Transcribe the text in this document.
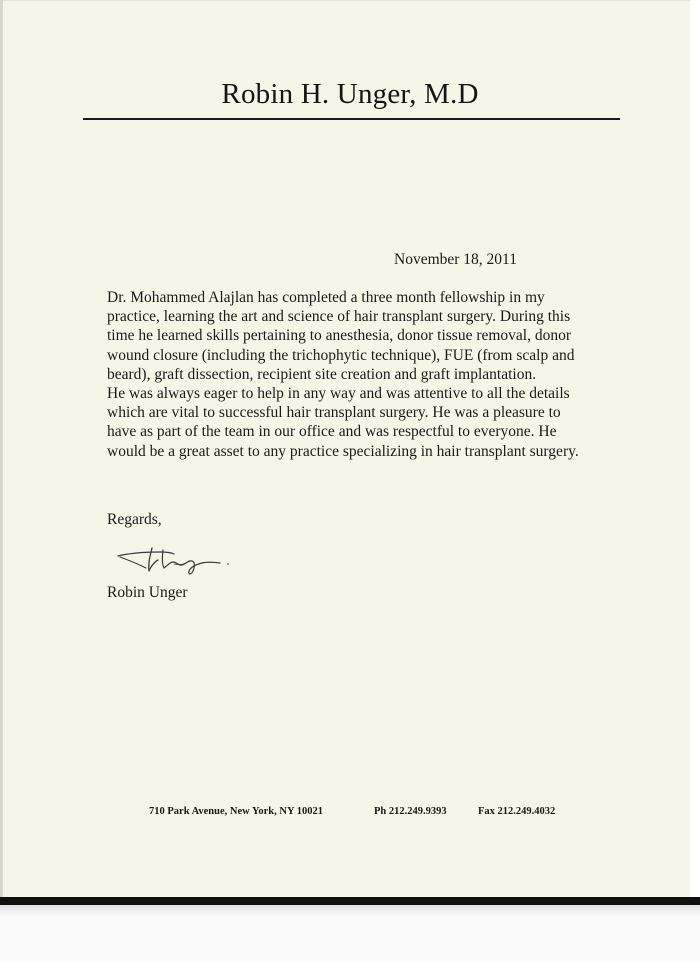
Robin H. Unger, M.D
November 18, 2011
Dr. Mohammed Alajlan has completed a three month fellowship in my
practice, learning the art and science of hair transplant surgery. During this
time he learned skills pertaining to anesthesia, donor tissue removal, donor
wound closure (including the trichophytic technique), FUE (from scalp and
beard), graft dissection, recipient site creation and graft implantation.
He was always eager to help in any way and was attentive to all the details
which are vital to successful hair transplant surgery. He was a pleasure to
have as part of the team in our office and was respectful to everyone. He
would be a great asset to any practice specializing in hair transplant surgery.
Regards,
Robin Unger
710 Park Avenue, New York, NY 10021	Ph 212.249.9393	Fax 212.249.4032
